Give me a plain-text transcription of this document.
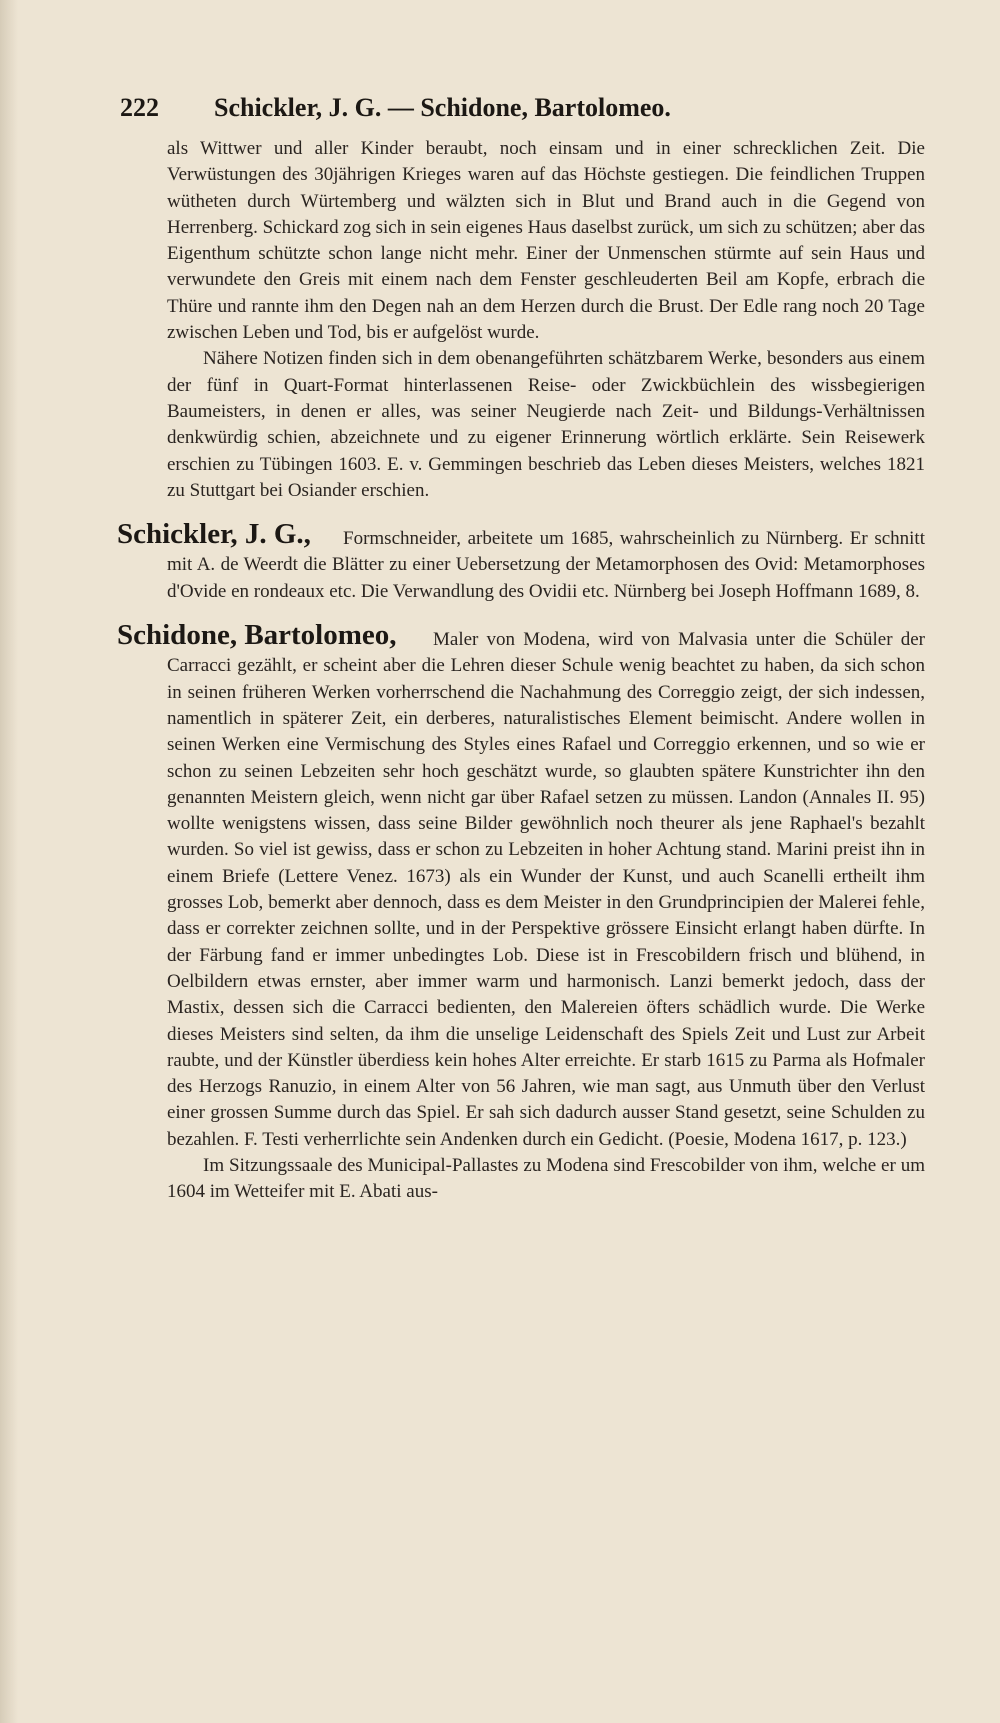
222 Schickler, J. G. — Schidone, Bartolomeo.

als Wittwer und aller Kinder beraubt, noch einsam und in einer schrecklichen Zeit. Die Verwüstungen des 30jährigen Krieges waren auf das Höchste gestiegen. Die feindlichen Truppen wütheten durch Würtemberg und wälzten sich in Blut und Brand auch in die Gegend von Herrenberg. Schickard zog sich in sein eigenes Haus daselbst zurück, um sich zu schützen; aber das Eigenthum schützte schon lange nicht mehr. Einer der Unmenschen stürmte auf sein Haus und verwundete den Greis mit einem nach dem Fenster geschleuderten Beil am Kopfe, erbrach die Thüre und rannte ihm den Degen nah an dem Herzen durch die Brust. Der Edle rang noch 20 Tage zwischen Leben und Tod, bis er aufgelöst wurde.

Nähere Notizen finden sich in dem obenangeführten schätzbarem Werke, besonders aus einem der fünf in Quart-Format hinterlassenen Reise- oder Zwickbüchlein des wissbegierigen Baumeisters, in denen er alles, was seiner Neugierde nach Zeit- und Bildungs-Verhältnissen denkwürdig schien, abzeichnete und zu eigener Erinnerung wörtlich erklärte. Sein Reisewerk erschien zu Tübingen 1603. E. v. Gemmingen beschrieb das Leben dieses Meisters, welches 1821 zu Stuttgart bei Osiander erschien.

Schickler, J. G.,	Formschneider, arbeitete um 1685, wahrscheinlich zu Nürnberg. Er schnitt mit A. de Weerdt die Blätter zu einer Uebersetzung der Metamorphosen des Ovid: Metamorphoses d'Ovide en rondeaux etc. Die Verwandlung des Ovidii etc. Nürnberg bei Joseph Hoffmann 1689, 8.

Schidone, Bartolomeo,	Maler von Modena, wird von Malvasia unter die Schüler der Carracci gezählt, er scheint aber die Lehren dieser Schule wenig beachtet zu haben, da sich schon in seinen früheren Werken vorherrschend die Nachahmung des Correggio zeigt, der sich indessen, namentlich in späterer Zeit, ein derberes, naturalistisches Element beimischt. Andere wollen in seinen Werken eine Vermischung des Styles eines Rafael und Correggio erkennen, und so wie er schon zu seinen Lebzeiten sehr hoch geschätzt wurde, so glaubten spätere Kunstrichter ihn den genannten Meistern gleich, wenn nicht gar über Rafael setzen zu müssen. Landon (Annales II. 95) wollte wenigstens wissen, dass seine Bilder gewöhnlich noch theurer als jene Raphael's bezahlt wurden. So viel ist gewiss, dass er schon zu Lebzeiten in hoher Achtung stand. Marini preist ihn in einem Briefe (Lettere Venez. 1673) als ein Wunder der Kunst, und auch Scanelli ertheilt ihm grosses Lob, bemerkt aber dennoch, dass es dem Meister in den Grundprincipien der Malerei fehle, dass er correkter zeichnen sollte, und in der Perspektive grössere Einsicht erlangt haben dürfte. In der Färbung fand er immer unbedingtes Lob. Diese ist in Frescobildern frisch und blühend, in Oelbildern etwas ernster, aber immer warm und harmonisch. Lanzi bemerkt jedoch, dass der Mastix, dessen sich die Carracci bedienten, den Malereien öfters schädlich wurde. Die Werke dieses Meisters sind selten, da ihm die unselige Leidenschaft des Spiels Zeit und Lust zur Arbeit raubte, und der Künstler überdiess kein hohes Alter erreichte. Er starb 1615 zu Parma als Hofmaler des Herzogs Ranuzio, in einem Alter von 56 Jahren, wie man sagt, aus Unmuth über den Verlust einer grossen Summe durch das Spiel. Er sah sich dadurch ausser Stand gesetzt, seine Schulden zu bezahlen. F. Testi verherrlichte sein Andenken durch ein Gedicht. (Poesie, Modena 1617, p. 123.)

Im Sitzungssaale des Municipal-Pallastes zu Modena sind Frescobilder von ihm, welche er um 1604 im Wetteifer mit E. Abati aus-
